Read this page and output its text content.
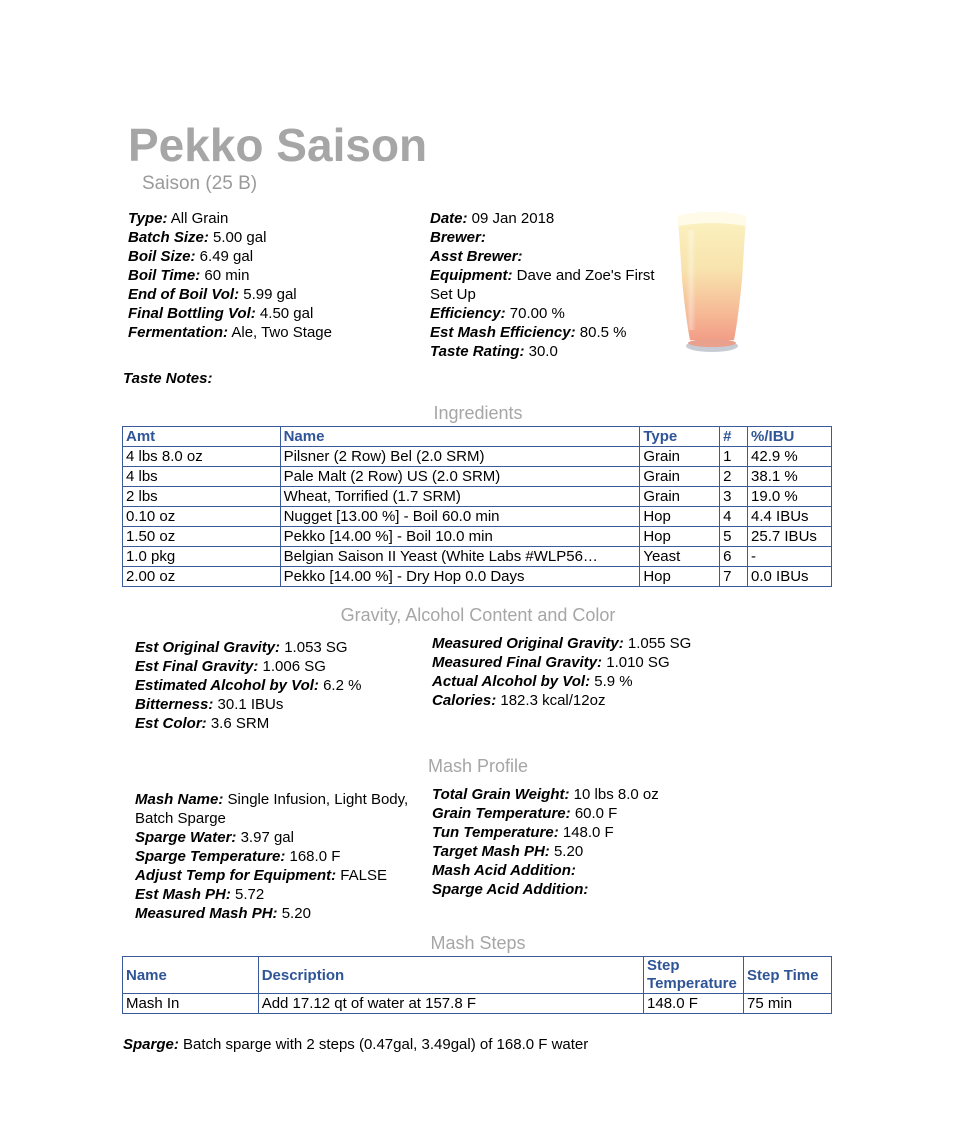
Pekko Saison
Saison (25 B)
Type: All Grain
Batch Size: 5.00 gal
Boil Size: 6.49 gal
Boil Time: 60 min
End of Boil Vol: 5.99 gal
Final Bottling Vol: 4.50 gal
Fermentation: Ale, Two Stage
Date: 09 Jan 2018
Brewer:
Asst Brewer:
Equipment: Dave and Zoe's First Set Up
Efficiency: 70.00 %
Est Mash Efficiency: 80.5 %
Taste Rating: 30.0
Taste Notes:
Ingredients
Amt	Name	Type	#	%/IBU
4 lbs 8.0 oz	Pilsner (2 Row) Bel (2.0 SRM)	Grain	1	42.9 %
4 lbs	Pale Malt (2 Row) US (2.0 SRM)	Grain	2	38.1 %
2 lbs	Wheat, Torrified (1.7 SRM)	Grain	3	19.0 %
0.10 oz	Nugget [13.00 %] - Boil 60.0 min	Hop	4	4.4 IBUs
1.50 oz	Pekko [14.00 %] - Boil 10.0 min	Hop	5	25.7 IBUs
1.0 pkg	Belgian Saison II Yeast (White Labs #WLP56…	Yeast	6	-
2.00 oz	Pekko [14.00 %] - Dry Hop 0.0 Days	Hop	7	0.0 IBUs
Gravity, Alcohol Content and Color
Est Original Gravity: 1.053 SG
Est Final Gravity: 1.006 SG
Estimated Alcohol by Vol: 6.2 %
Bitterness: 30.1 IBUs
Est Color: 3.6 SRM
Measured Original Gravity: 1.055 SG
Measured Final Gravity: 1.010 SG
Actual Alcohol by Vol: 5.9 %
Calories: 182.3 kcal/12oz
Mash Profile
Mash Name: Single Infusion, Light Body, Batch Sparge
Sparge Water: 3.97 gal
Sparge Temperature: 168.0 F
Adjust Temp for Equipment: FALSE
Est Mash PH: 5.72
Measured Mash PH: 5.20
Total Grain Weight: 10 lbs 8.0 oz
Grain Temperature: 60.0 F
Tun Temperature: 148.0 F
Target Mash PH: 5.20
Mash Acid Addition:
Sparge Acid Addition:
Mash Steps
Name	Description	Step Temperature	Step Time
Mash In	Add 17.12 qt of water at 157.8 F	148.0 F	75 min
Sparge: Batch sparge with 2 steps (0.47gal, 3.49gal) of 168.0 F water
